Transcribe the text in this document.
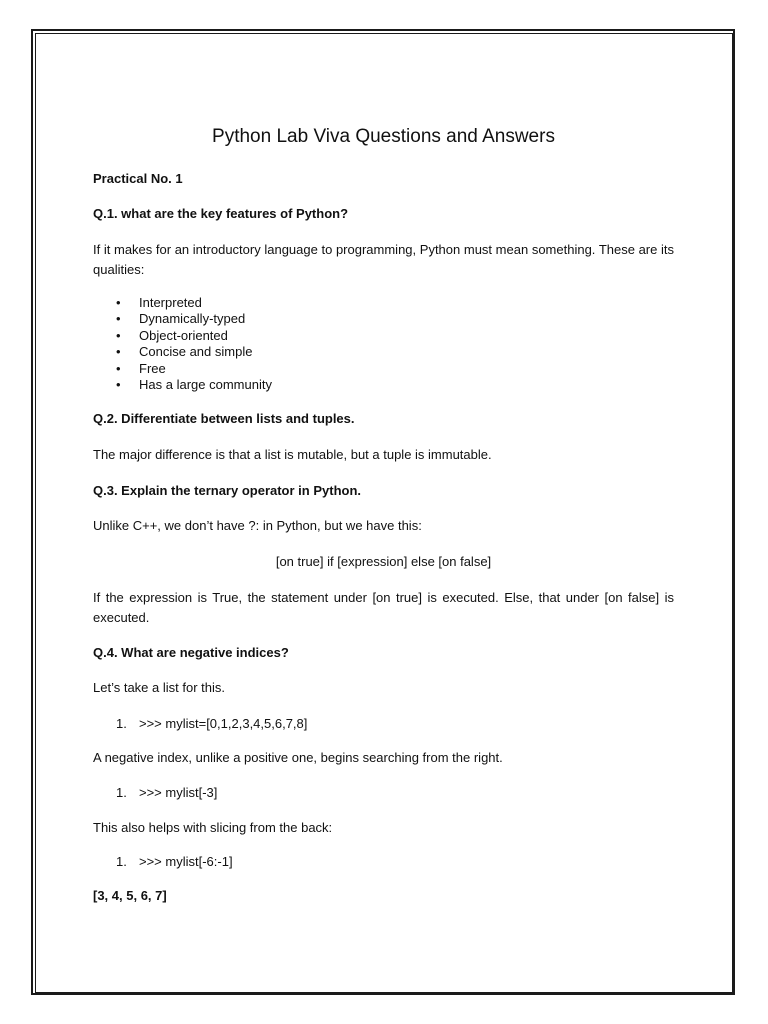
Python Lab Viva Questions and Answers
Practical No. 1
Q.1. what are the key features of Python?
If it makes for an introductory language to programming, Python must mean something. These are its qualities:
• Interpreted
• Dynamically-typed
• Object-oriented
• Concise and simple
• Free
• Has a large community
Q.2. Differentiate between lists and tuples.
The major difference is that a list is mutable, but a tuple is immutable.
Q.3. Explain the ternary operator in Python.
Unlike C++, we don’t have ?: in Python, but we have this:
[on true] if [expression] else [on false]
If the expression is True, the statement under [on true] is executed. Else, that under [on false] is executed.
Q.4. What are negative indices?
Let’s take a list for this.
1. >>> mylist=[0,1,2,3,4,5,6,7,8]
A negative index, unlike a positive one, begins searching from the right.
1. >>> mylist[-3]
This also helps with slicing from the back:
1. >>> mylist[-6:-1]
[3, 4, 5, 6, 7]
